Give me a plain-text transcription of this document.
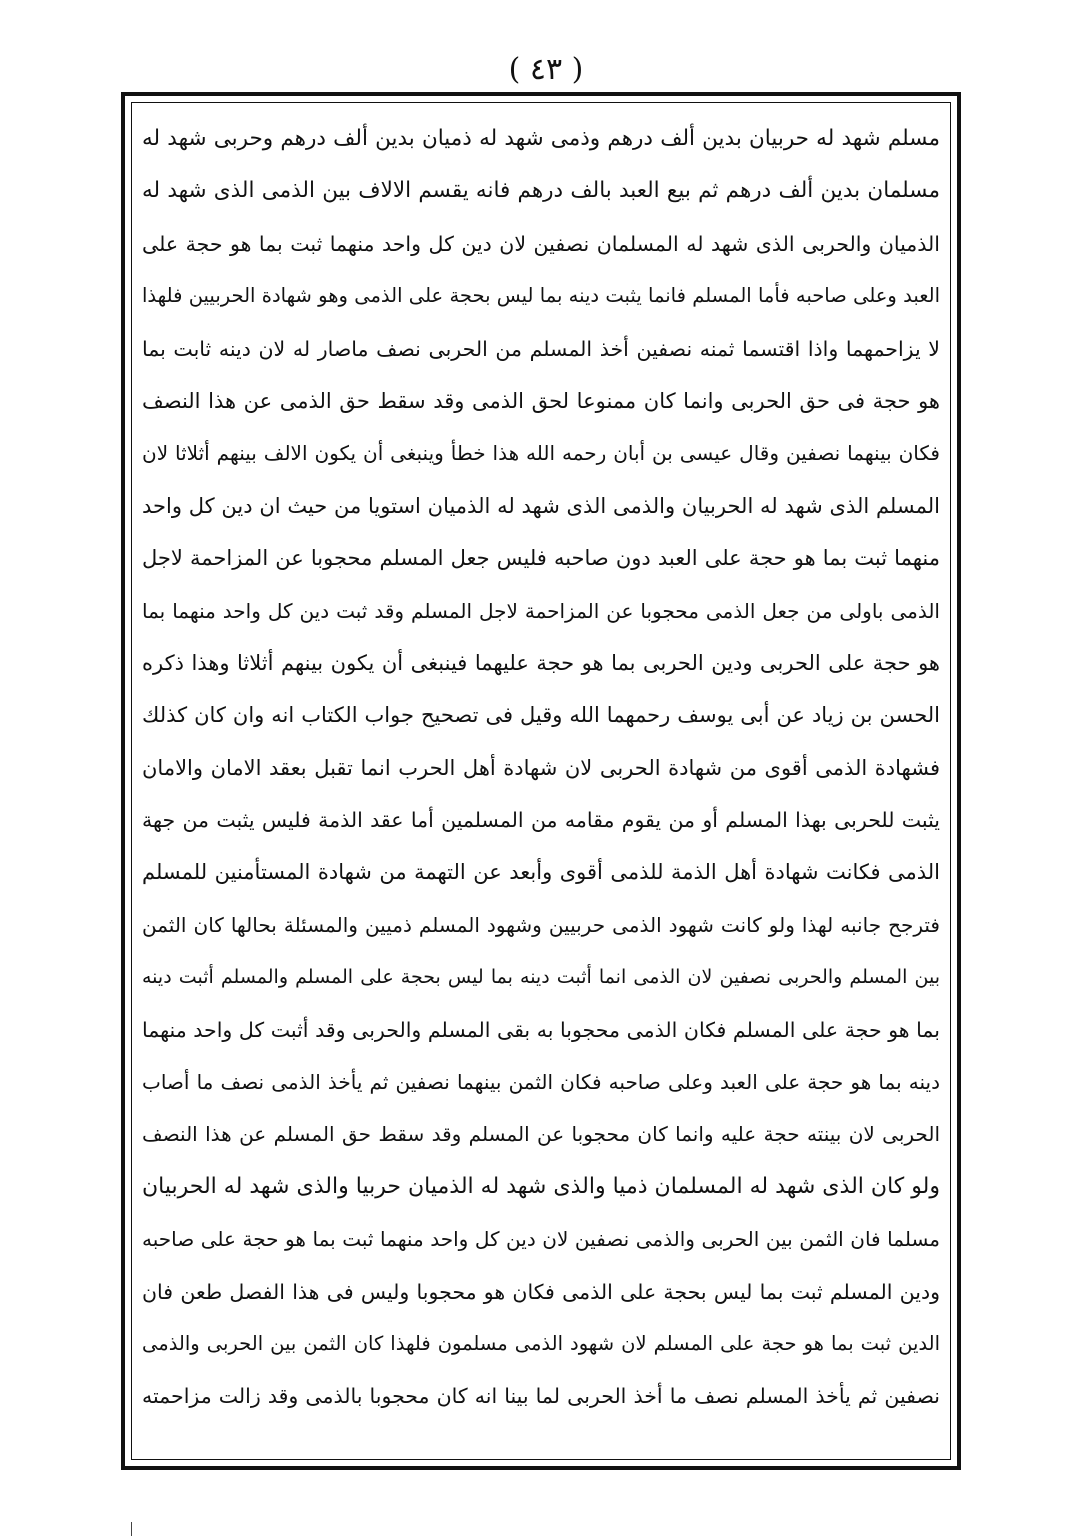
( ٤٣ )
مسلم شهد له حربيان بدين ألف درهم وذمى شهد له ذميان بدين ألف درهم وحربى شهد له
مسلمان بدين ألف درهم ثم بيع العبد بالف درهم فانه يقسم الالاف بين الذمى الذى شهد له
الذميان والحربى الذى شهد له المسلمان نصفين لان دين كل واحد منهما ثبت بما هو حجة على
العبد وعلى صاحبه فأما المسلم فانما يثبت دينه بما ليس بحجة على الذمى وهو شهادة الحربيين فلهذا
لا يزاحمهما واذا اقتسما ثمنه نصفين أخذ المسلم من الحربى نصف ماصار له لان دينه ثابت بما
هو حجة فى حق الحربى وانما كان ممنوعا لحق الذمى وقد سقط حق الذمى عن هذا النصف
فكان بينهما نصفين وقال عيسى بن أبان رحمه الله هذا خطأ وينبغى أن يكون الالف بينهم أثلاثا لان
المسلم الذى شهد له الحربيان والذمى الذى شهد له الذميان استويا من حيث ان دين كل واحد
منهما ثبت بما هو حجة على العبد دون صاحبه فليس جعل المسلم محجوبا عن المزاحمة لاجل
الذمى باولى من جعل الذمى محجوبا عن المزاحمة لاجل المسلم وقد ثبت دين كل واحد منهما بما
هو حجة على الحربى ودين الحربى بما هو حجة عليهما فينبغى أن يكون بينهم أثلاثا وهذا ذكره
الحسن بن زياد عن أبى يوسف رحمهما الله وقيل فى تصحيح جواب الكتاب انه وان كان كذلك
فشهادة الذمى أقوى من شهادة الحربى لان شهادة أهل الحرب انما تقبل بعقد الامان والامان
يثبت للحربى بهذا المسلم أو من يقوم مقامه من المسلمين أما عقد الذمة فليس يثبت من جهة
الذمى فكانت شهادة أهل الذمة للذمى أقوى وأبعد عن التهمة من شهادة المستأمنين للمسلم
فترجح جانبه لهذا ولو كانت شهود الذمى حربيين وشهود المسلم ذميين والمسئلة بحالها كان الثمن
بين المسلم والحربى نصفين لان الذمى انما أثبت دينه بما ليس بحجة على المسلم والمسلم أثبت دينه
بما هو حجة على المسلم فكان الذمى محجوبا به بقى المسلم والحربى وقد أثبت كل واحد منهما
دينه بما هو حجة على العبد وعلى صاحبه فكان الثمن بينهما نصفين ثم يأخذ الذمى نصف ما أصاب
الحربى لان بينته حجة عليه وانما كان محجوبا عن المسلم وقد سقط حق المسلم عن هذا النصف
ولو كان الذى شهد له المسلمان ذميا والذى شهد له الذميان حربيا والذى شهد له الحربيان
مسلما فان الثمن بين الحربى والذمى نصفين لان دين كل واحد منهما ثبت بما هو حجة على صاحبه
ودين المسلم ثبت بما ليس بحجة على الذمى فكان هو محجوبا وليس فى هذا الفصل طعن فان
الدين ثبت بما هو حجة على المسلم لان شهود الذمى مسلمون فلهذا كان الثمن بين الحربى والذمى
نصفين ثم يأخذ المسلم نصف ما أخذ الحربى لما بينا انه كان محجوبا بالذمى وقد زالت مزاحمته
